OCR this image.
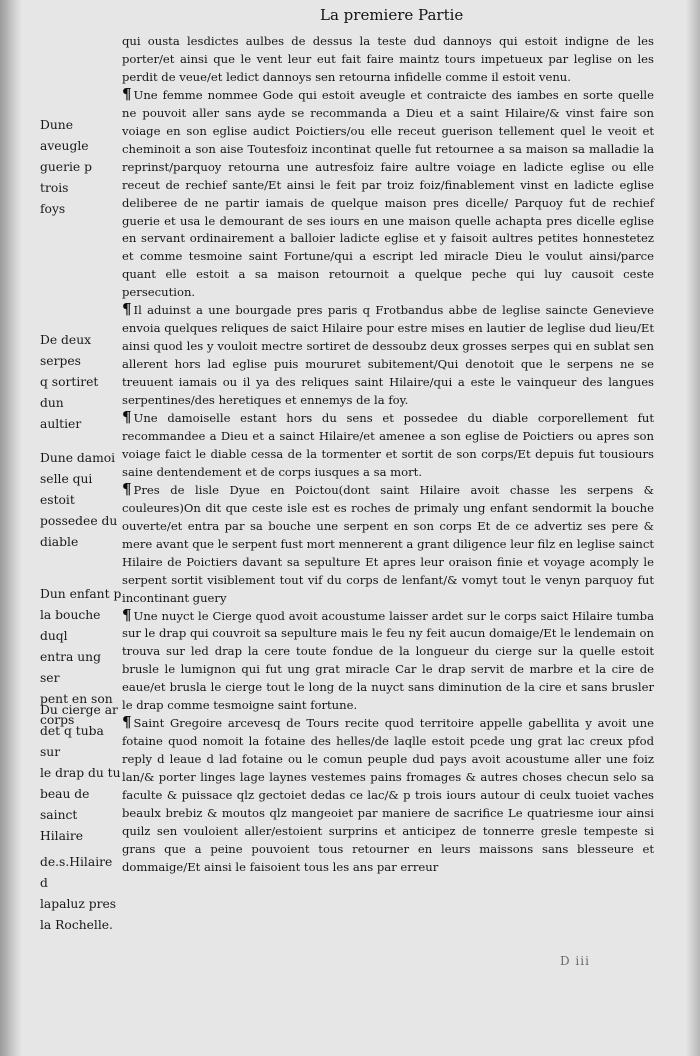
La premiere Partie

qui ousta lesdictes aulbes de dessus la teste dud dannoys qui estoit indigne de les porter/et ainsi que le vent leur eut fait faire maintz tours impetueux par leglise on les perdit de veue/et ledict dannoys sen retourna infidelle comme il estoit venu.

¶ Une femme nommee Gode qui estoit aveugle et contraicte des iambes en sorte quelle ne pouvoit aller sans ayde se recommanda a Dieu et a saint Hilaire/& vinst faire son voiage en son eglise audict Poictiers/ou elle receut guerison tellement quel le veoit et cheminoit a son aise Toutesfoiz incontinat quelle fut retournee a sa maison sa malladie la reprinst/parquoy retourna une autresfoiz faire aultre voiage en ladicte eglise ou elle receut de rechief sante/Et ainsi le feit par troiz foiz/finablement vinst en ladicte eglise deliberee de ne partir iamais de quelque maison pres dicelle/ Parquoy fut de rechief guerie et usa le demourant de ses iours en une maison quelle achapta pres dicelle eglise en servant ordinairement a balloier ladicte eglise et y faisoit aultres petites honnestetez et comme tesmoine saint Fortune/qui a escript led miracle Dieu le voulut ainsi/parce quant elle estoit a sa maison retournoit a quelque peche qui luy causoit ceste persecution.

¶ Il aduinst a une bourgade pres paris q Frotbandus abbe de leglise saincte Genevieve envoia quelques reliques de saict Hilaire pour estre mises en lautier de leglise dud lieu/Et ainsi quod les y vouloit mectre sortiret de dessoubz deux grosses serpes qui en sublat sen allerent hors lad eglise puis moururet subitement/Qui denotoit que le serpens ne se treuuent iamais ou il ya des reliques saint Hilaire/qui a este le vainqueur des langues serpentines/des heretiques et ennemys de la foy.

¶ Une damoiselle estant hors du sens et possedee du diable corporellement fut recommandee a Dieu et a sainct Hilaire/et amenee a son eglise de Poictiers ou apres son voiage faict le diable cessa de la tormenter et sortit de son corps/Et depuis fut tousiours saine dentendement et de corps iusques a sa mort.

¶ Pres de lisle Dyue en Poictou(dont saint Hilaire avoit chasse les serpens & couleures)On dit que ceste isle est es roches de primaly ung enfant sendormit la bouche ouverte/et entra par sa bouche une serpent en son corps Et de ce advertiz ses pere & mere avant que le serpent fust mort mennerent a grant diligence leur filz en leglise sainct Hilaire de Poictiers davant sa sepulture Et apres leur oraison finie et voyage acomply le serpent sortit visiblement tout vif du corps de lenfant/& vomyt tout le venyn parquoy fut incontinant guery

¶ Une nuyct le Cierge quod avoit acoustume laisser ardet sur le corps saict Hilaire tumba sur le drap qui couvroit sa sepulture mais le feu ny feit aucun domaige/Et le lendemain on trouva sur led drap la cere toute fondue de la longueur du cierge sur la quelle estoit brusle le lumignon qui fut ung grat miracle Car le drap servit de marbre et la cire de eaue/et brusla le cierge tout le long de la nuyct sans diminution de la cire et sans brusler le drap comme tesmoigne saint fortune.

¶ Saint Gregoire arcevesq de Tours recite quod territoire appelle gabellita y avoit une fotaine quod nomoit la fotaine des helles/de laqlle estoit pcede ung grat lac creux pfod reply d leaue d lad fotaine ou le comun peuple dud pays avoit acoustume aller une foiz lan/& porter linges lage laynes vestemes pains fromages & autres choses checun selo sa faculte & puissace qlz gectoiet dedas ce lac/& p trois iours autour di ceulx tuoiet vaches beaulx brebiz & moutos qlz mangeoiet par maniere de sacrifice Le quatriesme iour ainsi quilz sen vouloient aller/estoient surprins et anticipez de tonnerre gresle tempeste si grans que a peine pouvoient tous retourner en leurs maissons sans blesseure et dommaige/Et ainsi le faisoient tous les ans par erreur

Dune aveugle
guerie p trois
foys
De deux serpes
q sortiret dun
aultier
Dune damoi
selle qui estoit
possedee du
diable
Dun enfant p
la bouche duql
entra ung ser
pent en son
corps
Du cierge ar
det q tuba sur
le drap du tu
beau de sainct
Hilaire
de.s.Hilaire d
lapaluz pres
la Rochelle.
D iii
